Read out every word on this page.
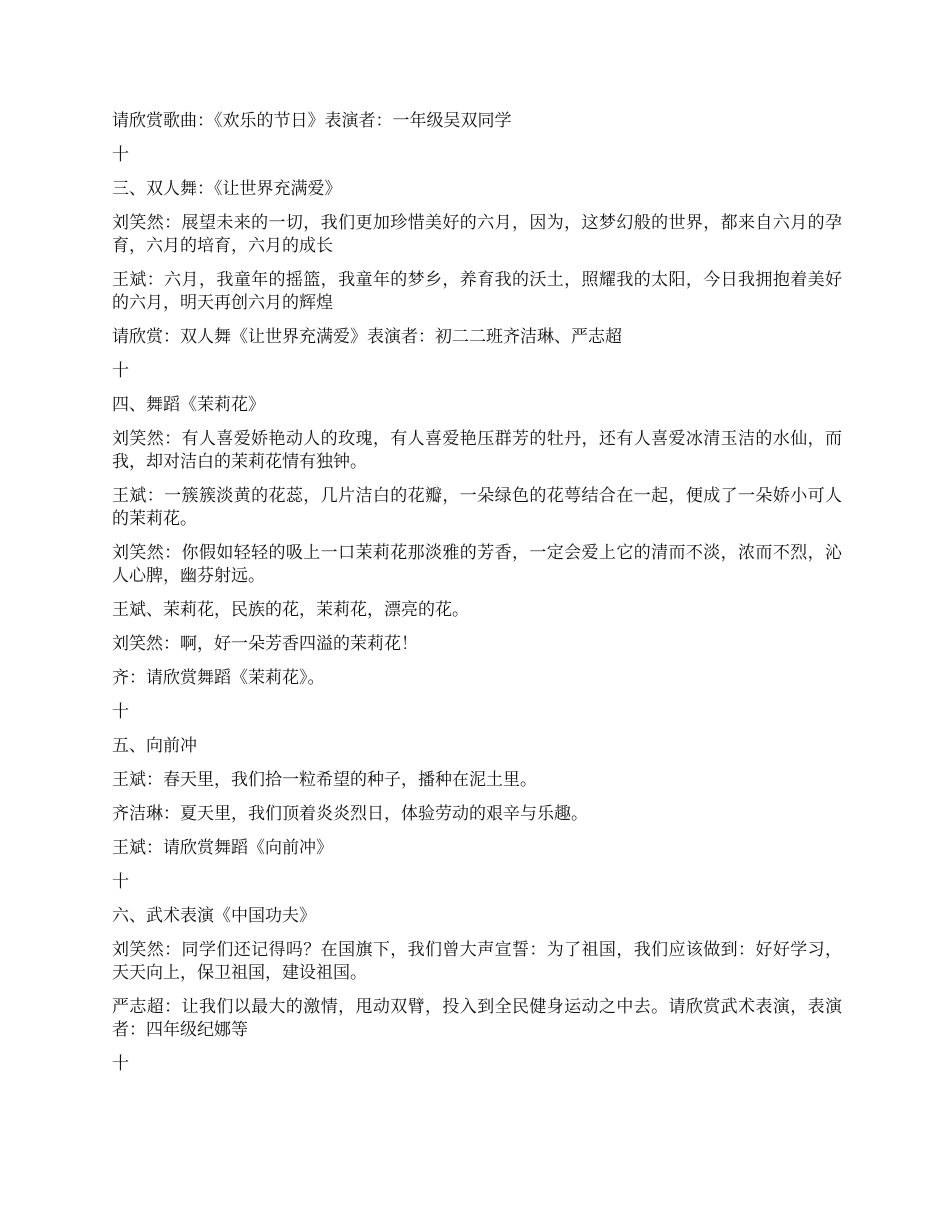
请欣赏歌曲：《欢乐的节日》表演者：一年级吴双同学

十

三、双人舞：《让世界充满爱》

刘笑然：展望未来的一切，我们更加珍惜美好的六月，因为，这梦幻般的世界，都来自六月的孕育，六月的培育，六月的成长

王斌：六月，我童年的摇篮，我童年的梦乡，养育我的沃土，照耀我的太阳，今日我拥抱着美好的六月，明天再创六月的辉煌

请欣赏：双人舞《让世界充满爱》表演者：初二二班齐洁琳、严志超

十

四、舞蹈《茉莉花》

刘笑然：有人喜爱娇艳动人的玫瑰，有人喜爱艳压群芳的牡丹，还有人喜爱冰清玉洁的水仙，而我，却对洁白的茉莉花情有独钟。

王斌：一簇簇淡黄的花蕊，几片洁白的花瓣，一朵绿色的花萼结合在一起，便成了一朵娇小可人的茉莉花。

刘笑然：你假如轻轻的吸上一口茉莉花那淡雅的芳香，一定会爱上它的清而不淡，浓而不烈，沁人心脾，幽芬射远。

王斌、茉莉花，民族的花，茉莉花，漂亮的花。

刘笑然：啊，好一朵芳香四溢的茉莉花！

齐：请欣赏舞蹈《茉莉花》。

十

五、向前冲

王斌：春天里，我们拾一粒希望的种子，播种在泥土里。

齐洁琳：夏天里，我们顶着炎炎烈日，体验劳动的艰辛与乐趣。

王斌：请欣赏舞蹈《向前冲》

十

六、武术表演《中国功夫》

刘笑然：同学们还记得吗？在国旗下，我们曾大声宣誓：为了祖国，我们应该做到：好好学习，天天向上，保卫祖国，建设祖国。

严志超：让我们以最大的激情，甩动双臂，投入到全民健身运动之中去。请欣赏武术表演，表演者：四年级纪娜等

十
